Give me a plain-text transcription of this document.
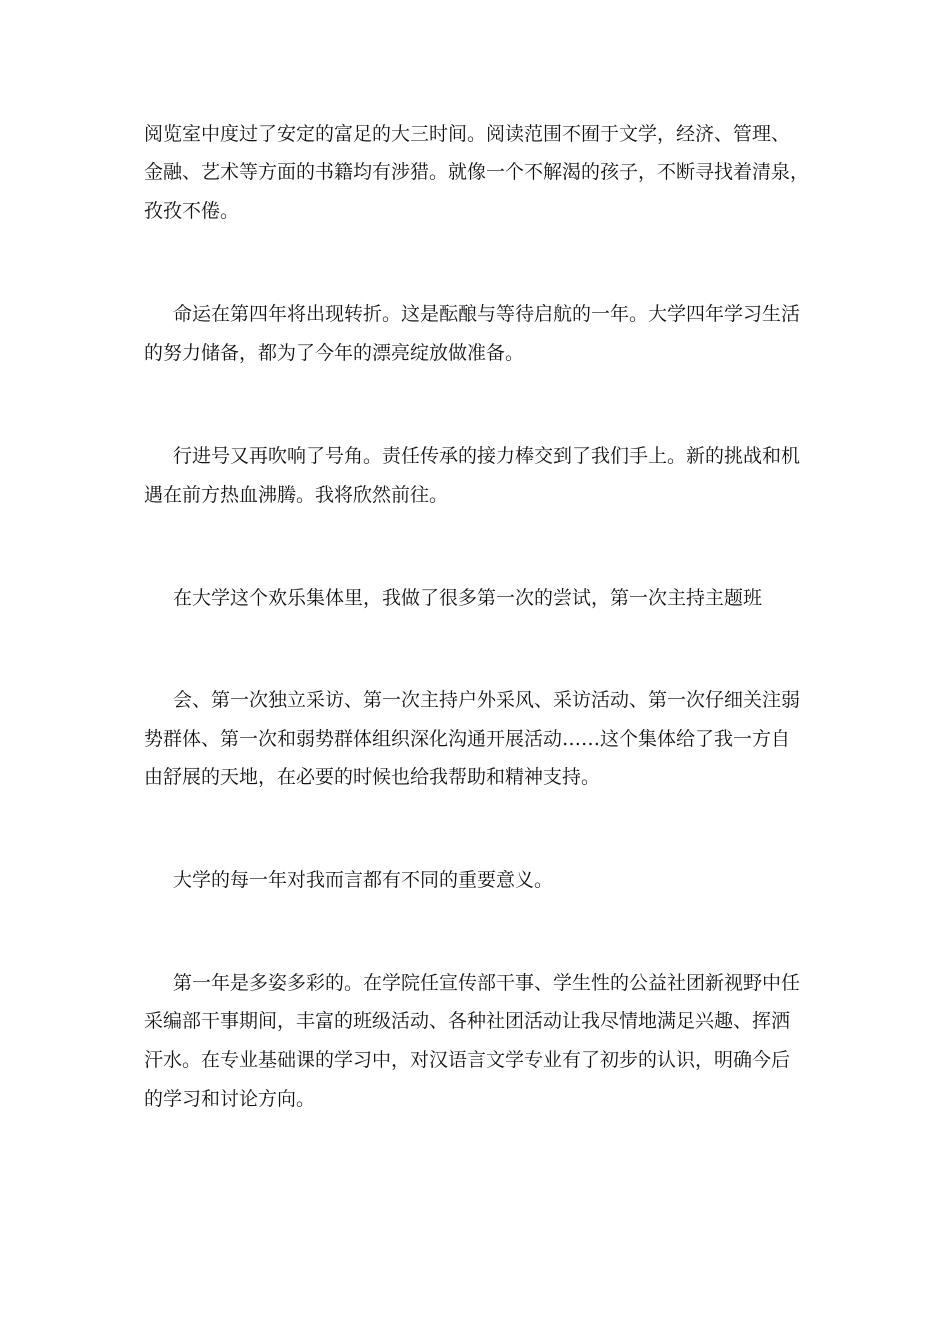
阅览室中度过了安定的富足的大三时间。阅读范围不囿于文学，经济、管理、
金融、艺术等方面的书籍均有涉猎。就像一个不解渴的孩子，不断寻找着清泉，
孜孜不倦。
命运在第四年将出现转折。这是酝酿与等待启航的一年。大学四年学习生活
的努力储备，都为了今年的漂亮绽放做准备。
行进号又再吹响了号角。责任传承的接力棒交到了我们手上。新的挑战和机
遇在前方热血沸腾。我将欣然前往。
在大学这个欢乐集体里，我做了很多第一次的尝试，第一次主持主题班
会、第一次独立采访、第一次主持户外采风、采访活动、第一次仔细关注弱
势群体、第一次和弱势群体组织深化沟通开展活动……这个集体给了我一方自
由舒展的天地，在必要的时候也给我帮助和精神支持。
大学的每一年对我而言都有不同的重要意义。
第一年是多姿多彩的。在学院任宣传部干事、学生性的公益社团新视野中任
采编部干事期间，丰富的班级活动、各种社团活动让我尽情地满足兴趣、挥洒
汗水。在专业基础课的学习中，对汉语言文学专业有了初步的认识，明确今后
的学习和讨论方向。
